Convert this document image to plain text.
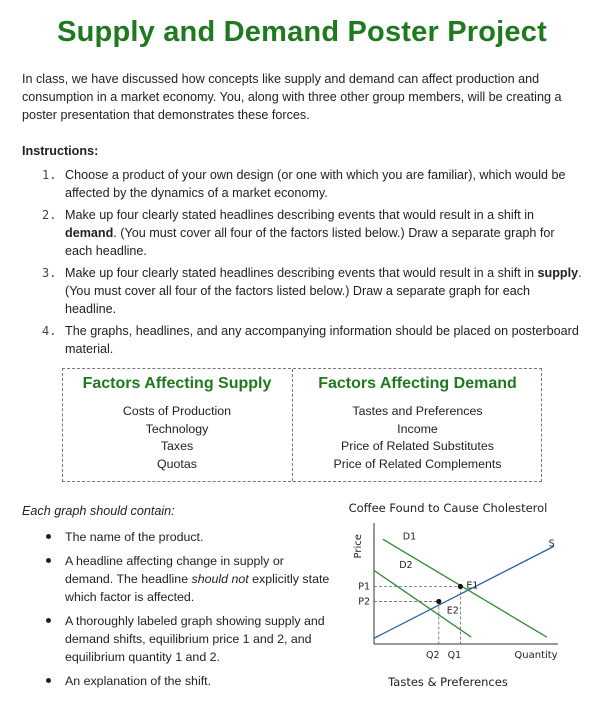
Supply and Demand Poster Project

In class, we have discussed how concepts like supply and demand can affect production and consumption in a market economy. You, along with three other group members, will be creating a poster presentation that demonstrates these forces.

Instructions:

1. Choose a product of your own design (or one with which you are familiar), which would be affected by the dynamics of a market economy.
2. Make up four clearly stated headlines describing events that would result in a shift in demand. (You must cover all four of the factors listed below.) Draw a separate graph for each headline.
3. Make up four clearly stated headlines describing events that would result in a shift in supply. (You must cover all four of the factors listed below.) Draw a separate graph for each headline.
4. The graphs, headlines, and any accompanying information should be placed on posterboard material.
Factors Affecting Supply
Costs of Production
Technology
Taxes
Quotas
Factors Affecting Demand
Tastes and Preferences
Income
Price of Related Substitutes
Price of Related Complements

Each graph should contain:

The name of the product.
A headline affecting change in supply or demand. The headline should not explicitly state which factor is affected.
A thoroughly labeled graph showing supply and demand shifts, equilibrium price 1 and 2, and equilibrium quantity 1 and 2.
An explanation of the shift.
Coffee Found to Cause Cholesterol
Price
Quantity
D1
D2
S
E1
E2
P1
P2
Q2 Q1
Tastes & Preferences
